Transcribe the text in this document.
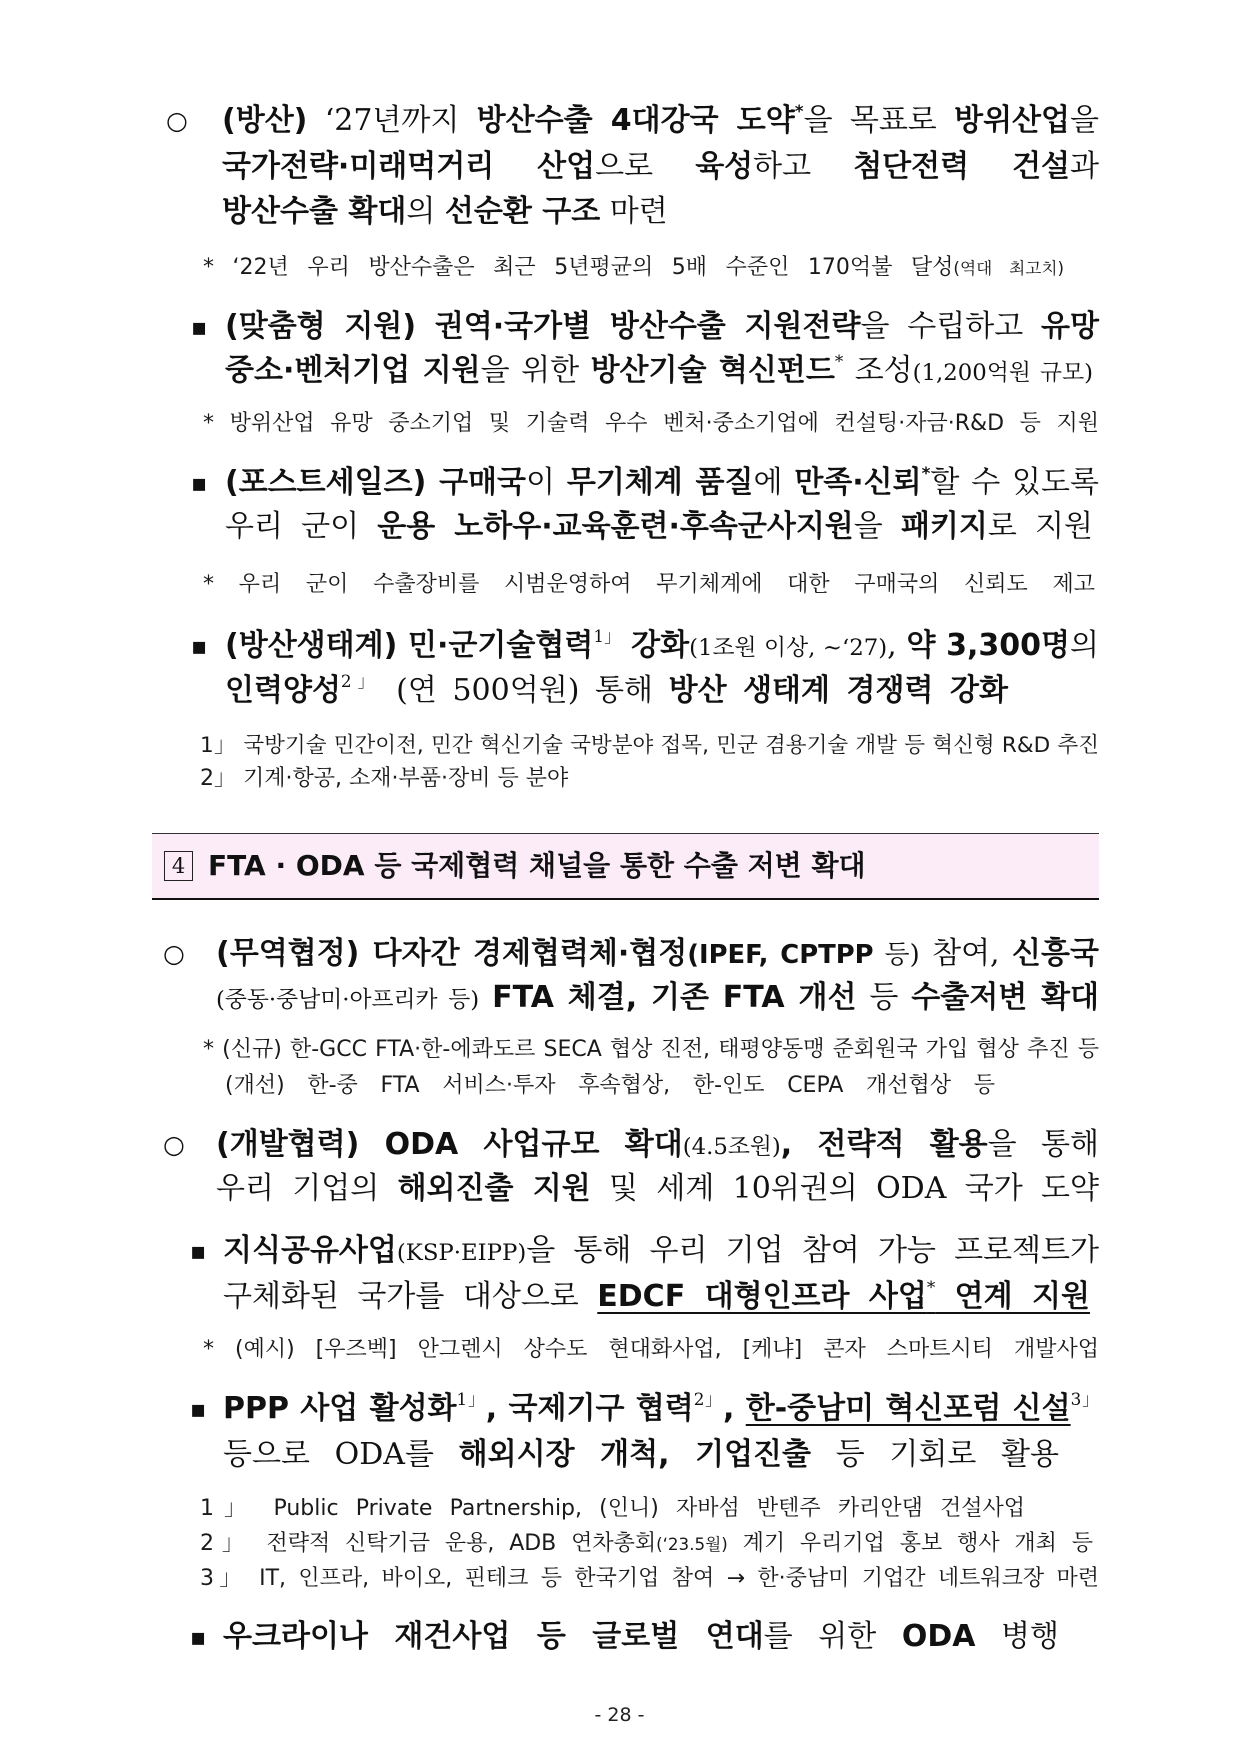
○ (방산) ‘27년까지 방산수출 4대강국 도약*을 목표로 방위산업을
국가전략·미래먹거리 산업으로 육성하고 첨단전력 건설과
방산수출 확대의 선순환 구조 마련
* ‘22년 우리 방산수출은 최근 5년평균의 5배 수준인 170억불 달성(역대 최고치)
▪ (맞춤형 지원) 권역·국가별 방산수출 지원전략을 수립하고 유망
중소·벤처기업 지원을 위한 방산기술 혁신펀드* 조성(1,200억원 규모)
* 방위산업 유망 중소기업 및 기술력 우수 벤처·중소기업에 컨설팅·자금·R&D 등 지원
▪ (포스트세일즈) 구매국이 무기체계 품질에 만족·신뢰*할 수 있도록
우리 군이 운용 노하우·교육훈련·후속군사지원을 패키지로 지원
* 우리 군이 수출장비를 시범운영하여 무기체계에 대한 구매국의 신뢰도 제고
▪ (방산생태계) 민·군기술협력$^{1」}$ 강화(1조원 이상, ~‘27), 약 3,300명의
인력양성$^{2」}$ (연 500억원) 통해 방산 생태계 경쟁력 강화
1」 국방기술 민간이전, 민간 혁신기술 국방분야 접목, 민군 겸용기술 개발 등 혁신형 R&D 추진
2」 기계·항공, 소재·부품·장비 등 분야
4 FTA · ODA 등 국제협력 채널을 통한 수출 저변 확대
○ (무역협정) 다자간 경제협력체·협정(IPEF, CPTPP 등) 참여, 신흥국
(중동·중남미·아프리카 등) FTA 체결, 기존 FTA 개선 등 수출저변 확대
* (신규) 한-GCC FTA·한-에콰도르 SECA 협상 진전, 태평양동맹 준회원국 가입 협상 추진 등
(개선) 한-중 FTA 서비스·투자 후속협상, 한-인도 CEPA 개선협상 등
○ (개발협력) ODA 사업규모 확대(4.5조원), 전략적 활용을 통해
우리 기업의 해외진출 지원 및 세계 10위권의 ODA 국가 도약
▪ 지식공유사업(KSP·EIPP)을 통해 우리 기업 참여 가능 프로젝트가
구체화된 국가를 대상으로 EDCF 대형인프라 사업* 연계 지원
* (예시) [우즈벡] 안그렌시 상수도 현대화사업, [케냐] 콘자 스마트시티 개발사업
▪ PPP 사업 활성화$^{1」}$, 국제기구 협력$^{2」}$, 한-중남미 혁신포럼 신설$^{3」}$
등으로 ODA를 해외시장 개척, 기업진출 등 기회로 활용
1」 Public Private Partnership, (인니) 자바섬 반텐주 카리안댐 건설사업
2」 전략적 신탁기금 운용, ADB 연차총회(‘23.5월) 계기 우리기업 홍보 행사 개최 등
3」 IT, 인프라, 바이오, 핀테크 등 한국기업 참여 → 한·중남미 기업간 네트워크장 마련
▪ 우크라이나 재건사업 등 글로벌 연대를 위한 ODA 병행
- 28 -
